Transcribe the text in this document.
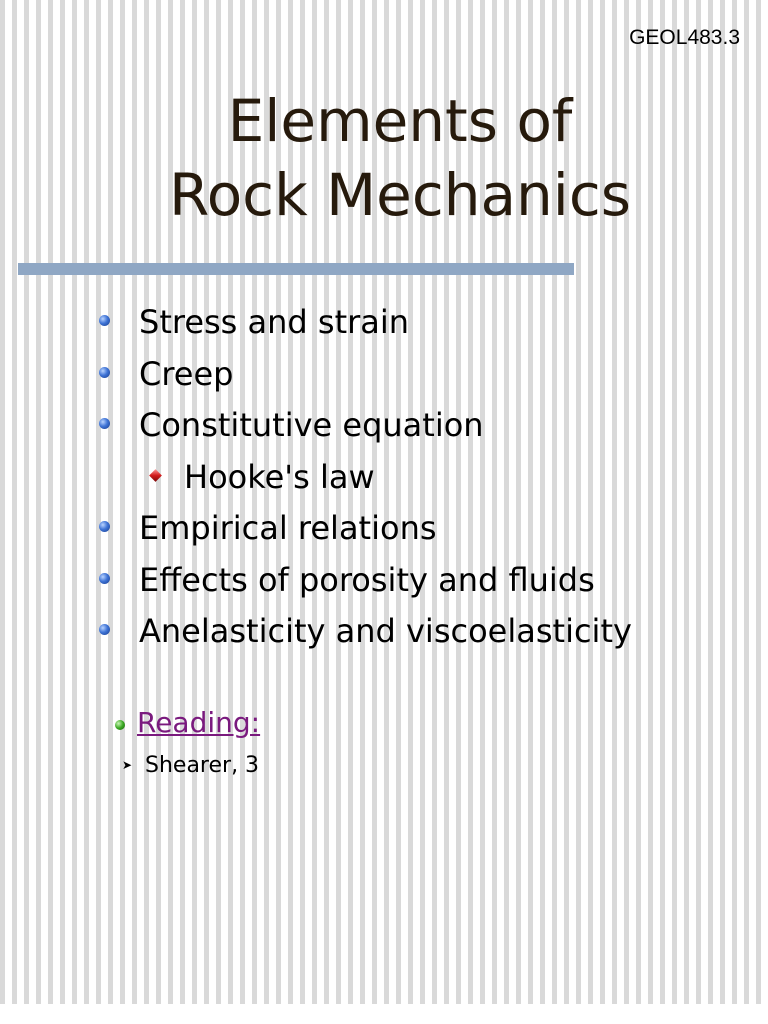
GEOL483.3
Elements of
Rock Mechanics
Stress and strain
Creep
Constitutive equation
Hooke's law
Empirical relations
Effects of porosity and fluids
Anelasticity and viscoelasticity
Reading:
➤ Shearer, 3
